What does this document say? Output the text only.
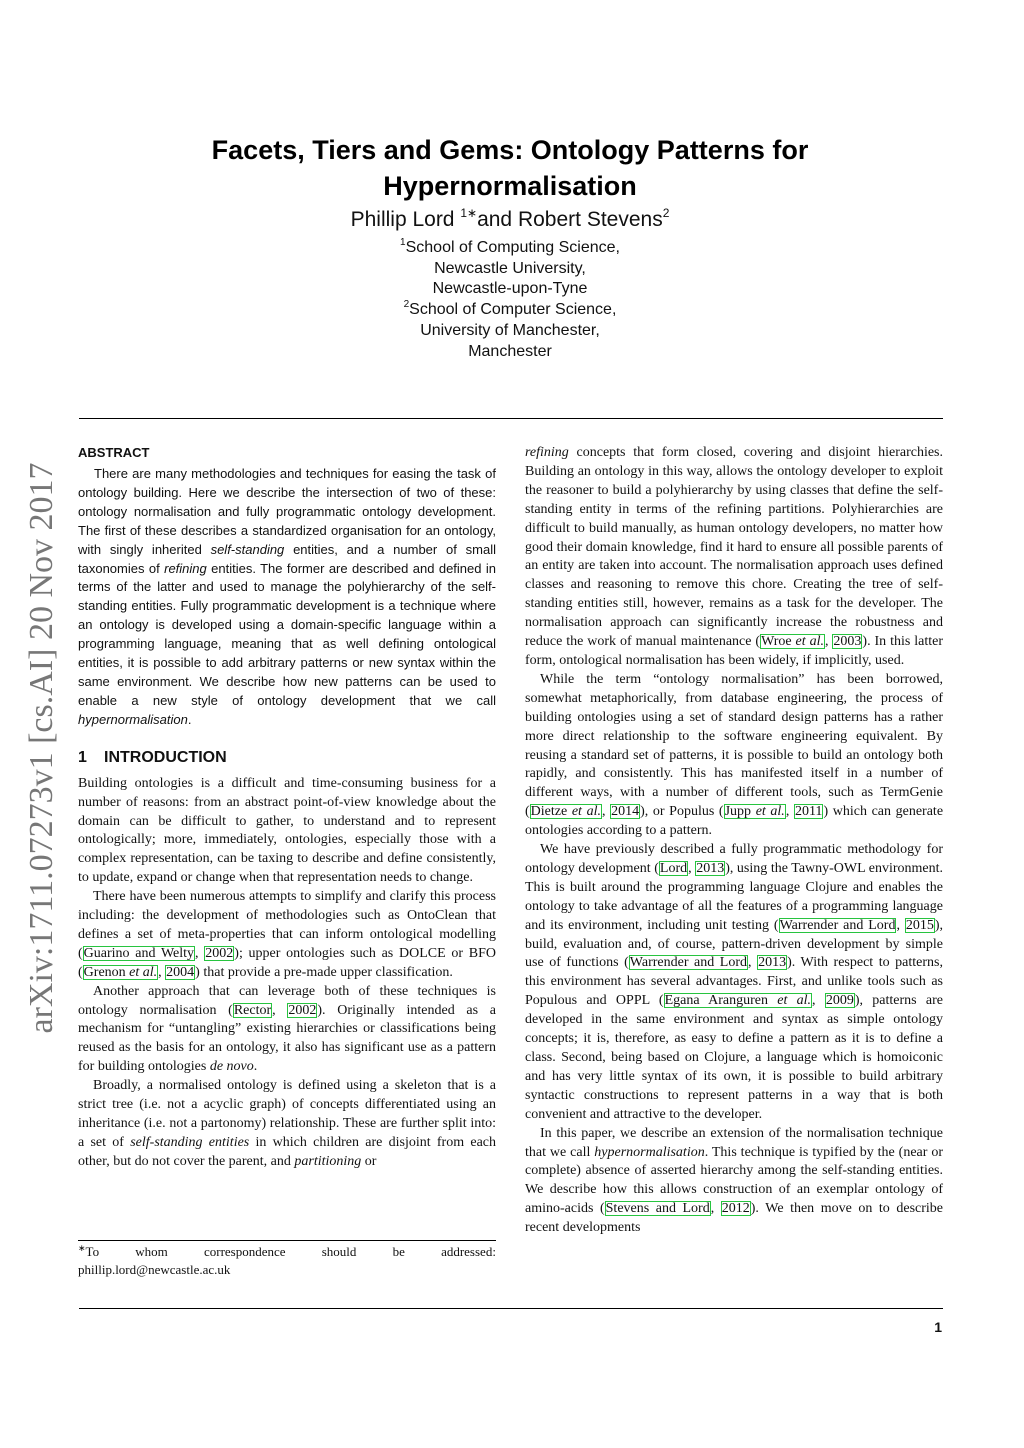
Facets, Tiers and Gems: Ontology Patterns for Hypernormalisation
Phillip Lord $^{1∗}$and Robert Stevens$^2$
$^1$School of Computing Science,
Newcastle University,
Newcastle-upon-Tyne
$^2$School of Computer Science,
University of Manchester,
Manchester
arXiv:1711.07273v1 [cs.AI] 20 Nov 2017
ABSTRACT

There are many methodologies and techniques for easing the task of ontology building. Here we describe the intersection of two of these: ontology normalisation and fully programmatic ontology development. The first of these describes a standardized organisation for an ontology, with singly inherited self-standing entities, and a number of small taxonomies of refining entities. The former are described and defined in terms of the latter and used to manage the polyhierarchy of the self-standing entities. Fully programmatic development is a technique where an ontology is developed using a domain-specific language within a programming language, meaning that as well defining ontological entities, it is possible to add arbitrary patterns or new syntax within the same environment. We describe how new patterns can be used to enable a new style of ontology development that we call hypernormalisation.

1 INTRODUCTION

Building ontologies is a difficult and time-consuming business for a number of reasons: from an abstract point-of-view knowledge about the domain can be difficult to gather, to understand and to represent ontologically; more, immediately, ontologies, especially those with a complex representation, can be taxing to describe and define consistently, to update, expand or change when that representation needs to change.

There have been numerous attempts to simplify and clarify this process including: the development of methodologies such as OntoClean that defines a set of meta-properties that can inform ontological modelling (Guarino and Welty, 2002); upper ontologies such as DOLCE or BFO (Grenon et al., 2004) that provide a pre-made upper classification.

Another approach that can leverage both of these techniques is ontology normalisation (Rector, 2002). Originally intended as a mechanism for “untangling” existing hierarchies or classifications being reused as the basis for an ontology, it also has significant use as a pattern for building ontologies de novo.

Broadly, a normalised ontology is defined using a skeleton that is a strict tree (i.e. not a acyclic graph) of concepts differentiated using an inheritance (i.e. not a partonomy) relationship. These are further split into: a set of self-standing entities in which children are disjoint from each other, but do not cover the parent, and partitioning or

refining concepts that form closed, covering and disjoint hierarchies. Building an ontology in this way, allows the ontology developer to exploit the reasoner to build a polyhierarchy by using classes that define the self-standing entity in terms of the refining partitions. Polyhierarchies are difficult to build manually, as human ontology developers, no matter how good their domain knowledge, find it hard to ensure all possible parents of an entity are taken into account. The normalisation approach uses defined classes and reasoning to remove this chore. Creating the tree of self-standing entities still, however, remains as a task for the developer. The normalisation approach can significantly increase the robustness and reduce the work of manual maintenance (Wroe et al., 2003). In this latter form, ontological normalisation has been widely, if implicitly, used.

While the term “ontology normalisation” has been borrowed, somewhat metaphorically, from database engineering, the process of building ontologies using a set of standard design patterns has a rather more direct relationship to the software engineering equivalent. By reusing a standard set of patterns, it is possible to build an ontology both rapidly, and consistently. This has manifested itself in a number of different ways, with a number of different tools, such as TermGenie (Dietze et al., 2014), or Populus (Jupp et al., 2011) which can generate ontologies according to a pattern.

We have previously described a fully programmatic methodology for ontology development (Lord, 2013), using the Tawny-OWL environment. This is built around the programming language Clojure and enables the ontology to take advantage of all the features of a programming language and its environment, including unit testing (Warrender and Lord, 2015), build, evaluation and, of course, pattern-driven development by simple use of functions (Warrender and Lord, 2013). With respect to patterns, this environment has several advantages. First, and unlike tools such as Populous and OPPL (Egana Aranguren et al., 2009), patterns are developed in the same environment and syntax as simple ontology concepts; it is, therefore, as easy to define a pattern as it is to define a class. Second, being based on Clojure, a language which is homoiconic and has very little syntax of its own, it is possible to build arbitrary syntactic constructions to represent patterns in a way that is both convenient and attractive to the developer.

In this paper, we describe an extension of the normalisation technique that we call hypernormalisation. This technique is typified by the (near or complete) absence of asserted hierarchy among the self-standing entities. We describe how this allows construction of an exemplar ontology of amino-acids (Stevens and Lord, 2012). We then move on to describe recent developments

∗To	whom	correspondence	should	be	addressed:

phillip.lord@newcastle.ac.uk

1
